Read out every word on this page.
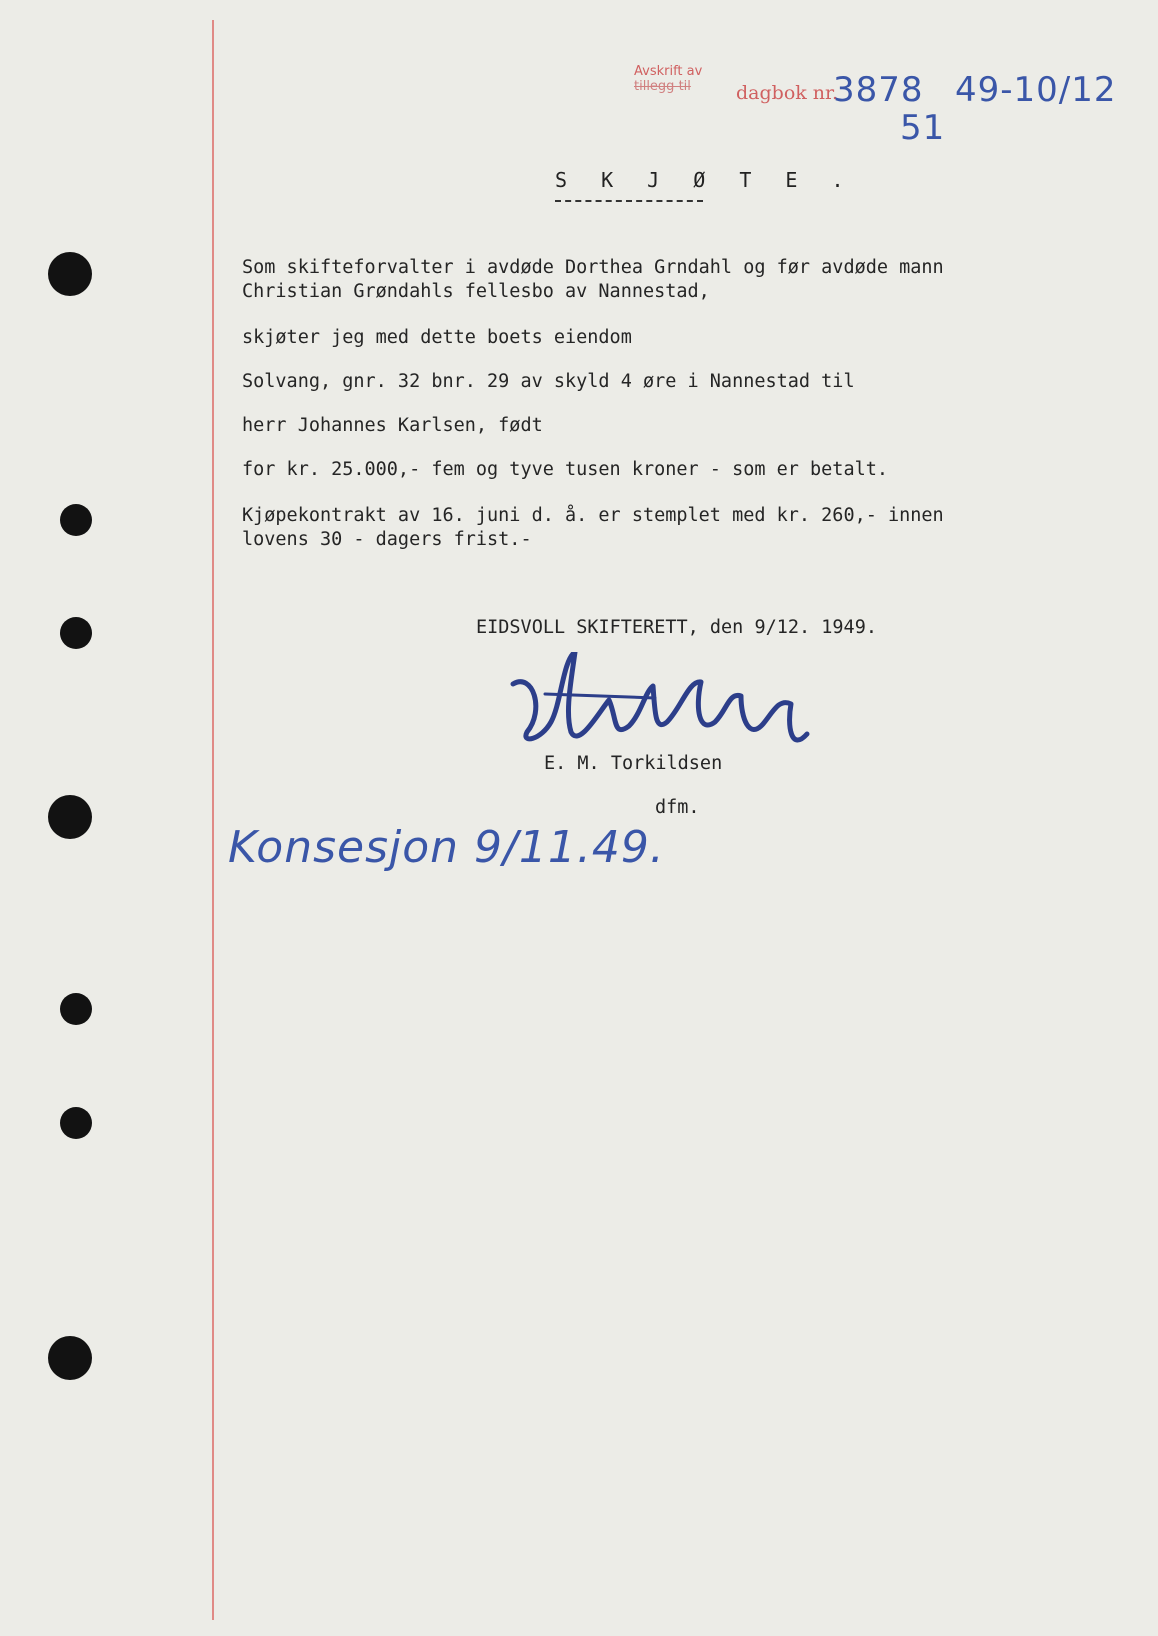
Avskrift av
tillegg til	dagbok nr.
3878 49-10/12
51
S K J Ø T E .
Som skifteforvalter i avdøde Dorthea Grndahl og før avdøde mann
Christian Grøndahls fellesbo av Nannestad,
skjøter jeg med dette boets eiendom
Solvang, gnr. 32 bnr. 29 av skyld 4 øre i Nannestad til
herr Johannes Karlsen, født
for kr. 25.000,- fem og tyve tusen kroner - som er betalt.
Kjøpekontrakt av 16. juni d. å. er stemplet med kr. 260,- innen
lovens 30 - dagers frist.-
EIDSVOLL SKIFTERETT, den 9/12. 1949.
E. M. Torkildsen
dfm.
Konsesjon 9/11.49.
